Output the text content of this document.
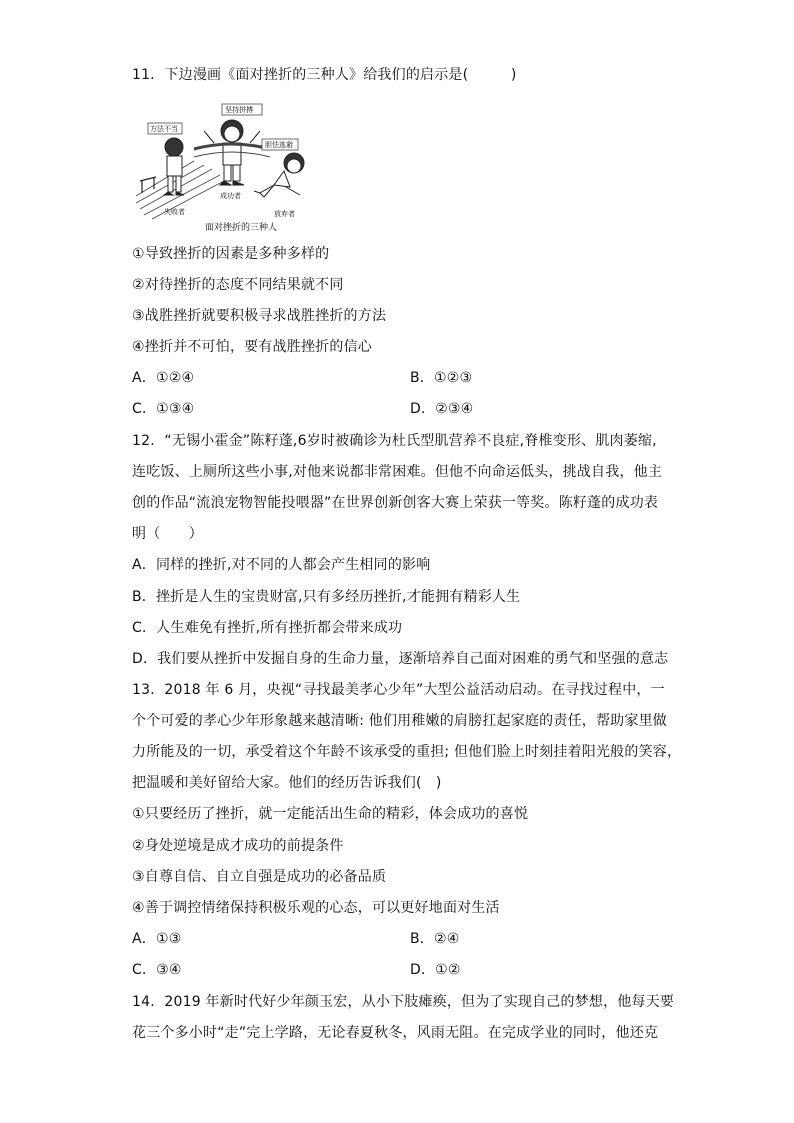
11．下边漫画《面对挫折的三种人》给我们的启示是(　　　)
方法不当
坚持拼搏
胆怯逃避
失败者
成功者
放弃者
面对挫折的三种人
①导致挫折的因素是多种多样的
②对待挫折的态度不同结果就不同
③战胜挫折就要积极寻求战胜挫折的方法
④挫折并不可怕，要有战胜挫折的信心
A．①②④	B．①②③
C．①③④	D．②③④
12．“无锡小霍金”陈籽蓬,6岁时被确诊为杜氏型肌营养不良症,脊椎变形、肌肉萎缩,
连吃饭、上厕所这些小事,对他来说都非常困难。但他不向命运低头，挑战自我，他主
创的作品“流浪宠物智能投喂器”在世界创新创客大赛上荣获一等奖。陈籽蓬的成功表
明（　　）
A．同样的挫折,对不同的人都会产生相同的影响
B．挫折是人生的宝贵财富,只有多经历挫折,才能拥有精彩人生
C．人生难免有挫折,所有挫折都会带来成功
D．我们要从挫折中发掘自身的生命力量，逐渐培养自己面对困难的勇气和坚强的意志
13．2018 年 6 月，央视“寻找最美孝心少年”大型公益活动启动。在寻找过程中，一
个个可爱的孝心少年形象越来越清晰: 他们用稚嫩的肩膀扛起家庭的责任，帮助家里做
力所能及的一切，承受着这个年龄不该承受的重担; 但他们脸上时刻挂着阳光般的笑容，
把温暖和美好留给大家。他们的经历告诉我们(　)
①只要经历了挫折，就一定能活出生命的精彩，体会成功的喜悦
②身处逆境是成才成功的前提条件
③自尊自信、自立自强是成功的必备品质
④善于调控情绪保持积极乐观的心态，可以更好地面对生活
A．①③	B．②④
C．③④	D．①②
14．2019 年新时代好少年颜玉宏，从小下肢瘫痪，但为了实现自己的梦想，他每天要
花三个多小时“走”完上学路，无论春夏秋冬，风雨无阻。在完成学业的同时，他还克
